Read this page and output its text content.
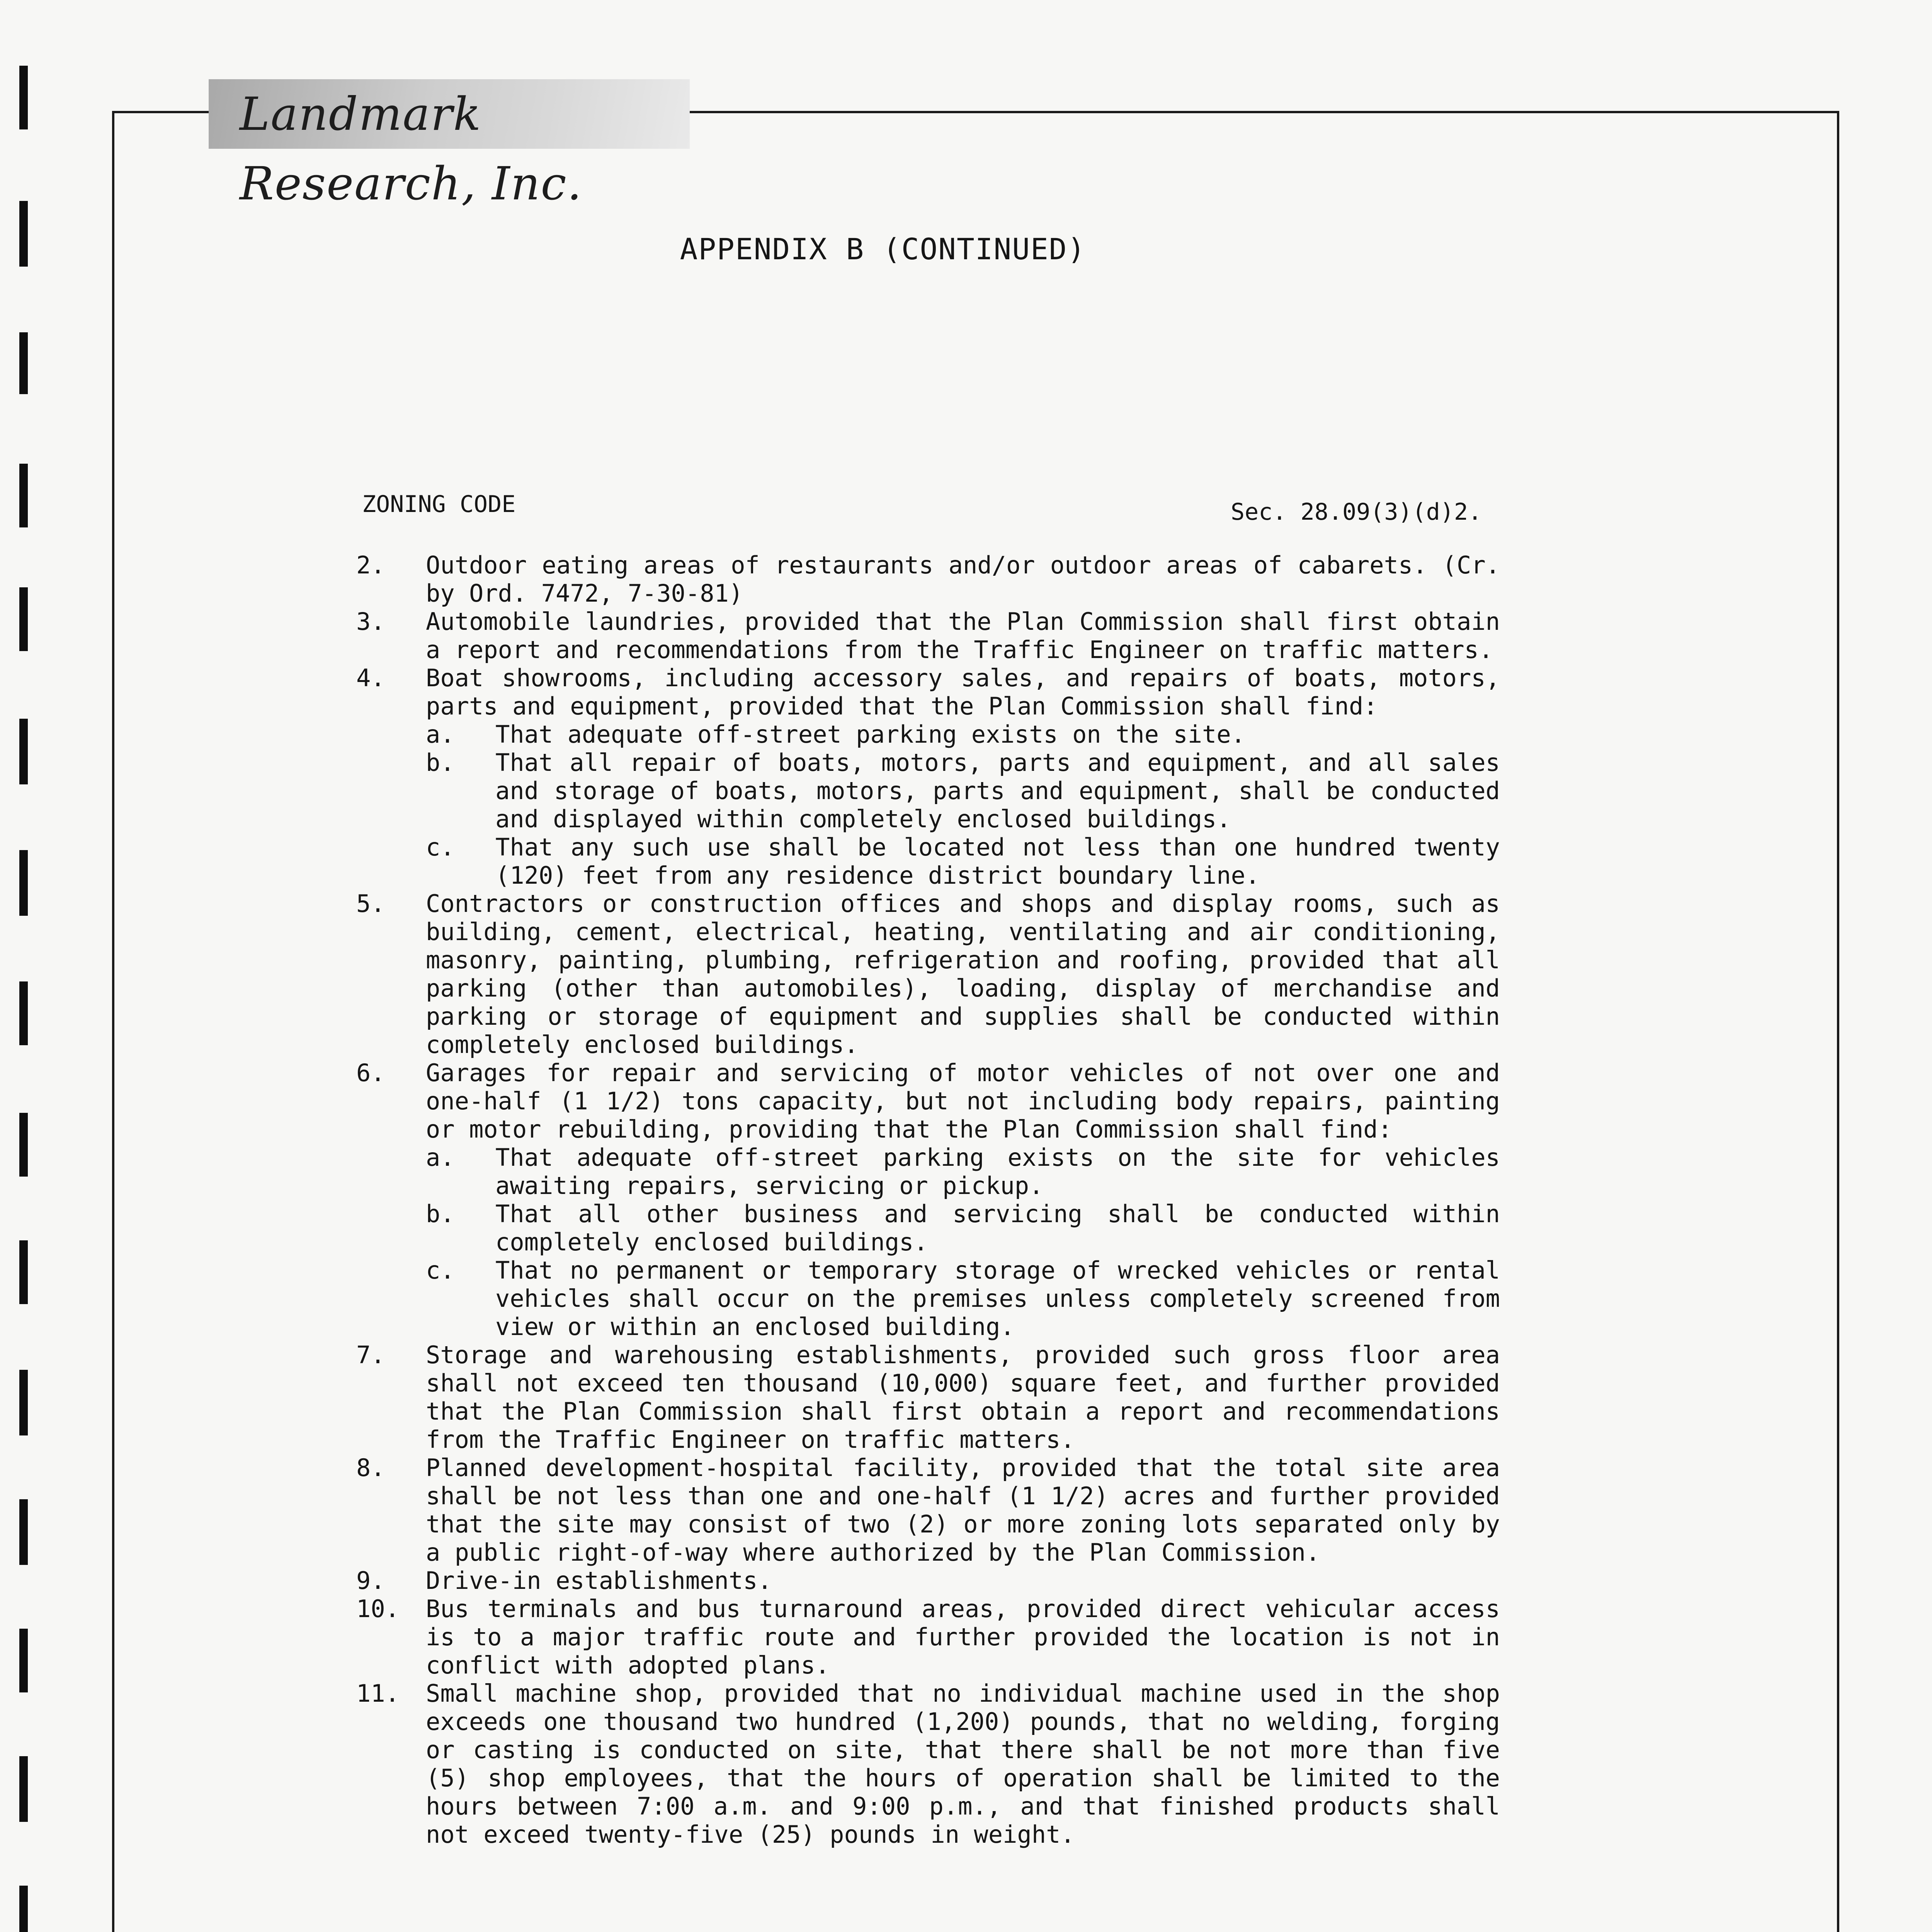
Landmark Research, Inc.
APPENDIX B (CONTINUED)
ZONING CODE	Sec. 28.09(3)(d)2.
2.	Outdoor eating areas of restaurants and/or outdoor areas of cabarets. (Cr. by Ord. 7472, 7-30-81)
3.	Automobile laundries, provided that the Plan Commission shall first obtain a report and recommendations from the Traffic Engineer on traffic matters.
4.	Boat showrooms, including accessory sales, and repairs of boats, motors, parts and equipment, provided that the Plan Commission shall find:
a.	That adequate off-street parking exists on the site.
b.	That all repair of boats, motors, parts and equipment, and all sales and storage of boats, motors, parts and equipment, shall be conducted and displayed within completely enclosed buildings.
c.	That any such use shall be located not less than one hundred twenty (120) feet from any residence district boundary line.
5.	Contractors or construction offices and shops and display rooms, such as building, cement, electrical, heating, ventilating and air conditioning, masonry, painting, plumbing, refrigeration and roofing, provided that all parking (other than automobiles), loading, display of merchandise and parking or storage of equipment and supplies shall be conducted within completely enclosed buildings.
6.	Garages for repair and servicing of motor vehicles of not over one and one-half (1 1/2) tons capacity, but not including body repairs, painting or motor rebuilding, providing that the Plan Commission shall find:
a.	That adequate off-street parking exists on the site for vehicles awaiting repairs, servicing or pickup.
b.	That all other business and servicing shall be conducted within completely enclosed buildings.
c.	That no permanent or temporary storage of wrecked vehicles or rental vehicles shall occur on the premises unless completely screened from view or within an enclosed building.
7.	Storage and warehousing establishments, provided such gross floor area shall not exceed ten thousand (10,000) square feet, and further provided that the Plan Commission shall first obtain a report and recommendations from the Traffic Engineer on traffic matters.
8.	Planned development-hospital facility, provided that the total site area shall be not less than one and one-half (1 1/2) acres and further provided that the site may consist of two (2) or more zoning lots separated only by a public right-of-way where authorized by the Plan Commission.
9.	Drive-in establishments.
10.	Bus terminals and bus turnaround areas, provided direct vehicular access is to a major traffic route and further provided the location is not in conflict with adopted plans.
11.	Small machine shop, provided that no individual machine used in the shop exceeds one thousand two hundred (1,200) pounds, that no welding, forging or casting is conducted on site, that there shall be not more than five (5) shop employees, that the hours of operation shall be limited to the hours between 7:00 a.m. and 9:00 p.m., and that finished products shall not exceed twenty-five (25) pounds in weight.
